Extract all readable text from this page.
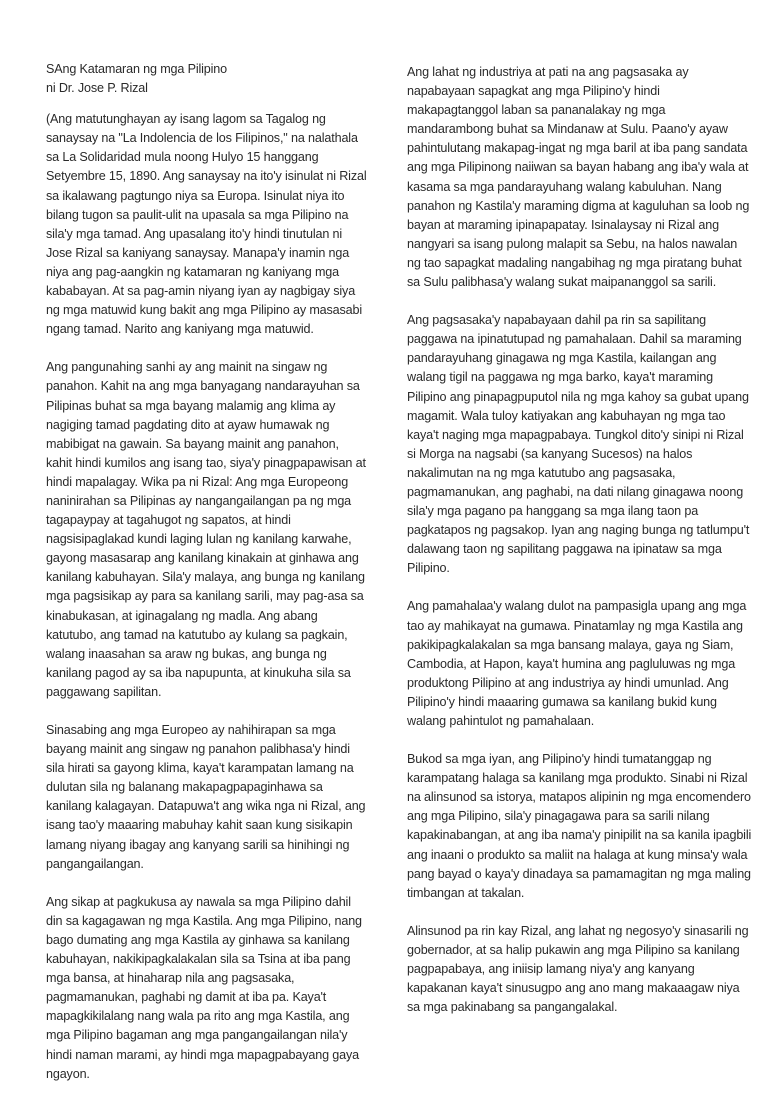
SAng Katamaran ng mga Pilipino
ni Dr. Jose P. Rizal

(Ang matutunghayan ay isang lagom sa Tagalog ng sanaysay na "La Indolencia de los Filipinos," na nalathala sa La Solidaridad mula noong Hulyo 15 hanggang Setyembre 15, 1890. Ang sanaysay na ito'y isinulat ni Rizal sa ikalawang pagtungo niya sa Europa. Isinulat niya ito bilang tugon sa paulit-ulit na upasala sa mga Pilipino na sila'y mga tamad. Ang upasalang ito'y hindi tinutulan ni Jose Rizal sa kaniyang sanaysay. Manapa'y inamin nga niya ang pag-aangkin ng katamaran ng kaniyang mga kababayan. At sa pag-amin niyang iyan ay nagbigay siya ng mga matuwid kung bakit ang mga Pilipino ay masasabi ngang tamad. Narito ang kaniyang mga matuwid.

Ang pangunahing sanhi ay ang mainit na singaw ng panahon. Kahit na ang mga banyagang nandarayuhan sa Pilipinas buhat sa mga bayang malamig ang klima ay nagiging tamad pagdating dito at ayaw humawak ng mabibigat na gawain. Sa bayang mainit ang panahon, kahit hindi kumilos ang isang tao, siya'y pinagpapawisan at hindi mapalagay. Wika pa ni Rizal: Ang mga Europeong naninirahan sa Pilipinas ay nangangailangan pa ng mga tagapaypay at tagahugot ng sapatos, at hindi nagsisipaglakad kundi laging lulan ng kanilang karwahe, gayong masasarap ang kanilang kinakain at ginhawa ang kanilang kabuhayan. Sila'y malaya, ang bunga ng kanilang mga pagsisikap ay para sa kanilang sarili, may pag-asa sa kinabukasan, at iginagalang ng madla. Ang abang katutubo, ang tamad na katutubo ay kulang sa pagkain, walang inaasahan sa araw ng bukas, ang bunga ng kanilang pagod ay sa iba napupunta, at kinukuha sila sa paggawang sapilitan.

Sinasabing ang mga Europeo ay nahihirapan sa mga bayang mainit ang singaw ng panahon palibhasa'y hindi sila hirati sa gayong klima, kaya't karampatan lamang na dulutan sila ng balanang makapagpapaginhawa sa kanilang kalagayan. Datapuwa't ang wika nga ni Rizal, ang isang tao'y maaaring mabuhay kahit saan kung sisikapin lamang niyang ibagay ang kanyang sarili sa hinihingi ng pangangailangan.

Ang sikap at pagkukusa ay nawala sa mga Pilipino dahil din sa kagagawan ng mga Kastila. Ang mga Pilipino, nang bago dumating ang mga Kastila ay ginhawa sa kanilang kabuhayan, nakikipagkalakalan sila sa Tsina at iba pang mga bansa, at hinaharap nila ang pagsasaka, pagmamanukan, paghabi ng damit at iba pa. Kaya't mapagkikilalang nang wala pa rito ang mga Kastila, ang mga Pilipino bagaman ang mga pangangailangan nila'y hindi naman marami, ay hindi mga mapagpabayang gaya ngayon.

Ang lahat ng industriya at pati na ang pagsasaka ay napabayaan sapagkat ang mga Pilipino'y hindi makapagtanggol laban sa pananalakay ng mga mandarambong buhat sa Mindanaw at Sulu. Paano'y ayaw pahintulutang makapag-ingat ng mga baril at iba pang sandata ang mga Pilipinong naiiwan sa bayan habang ang iba'y wala at kasama sa mga pandarayuhang walang kabuluhan. Nang panahon ng Kastila'y maraming digma at kaguluhan sa loob ng bayan at maraming ipinapapatay. Isinalaysay ni Rizal ang nangyari sa isang pulong malapit sa Sebu, na halos nawalan ng tao sapagkat madaling nangabihag ng mga piratang buhat sa Sulu palibhasa'y walang sukat maipananggol sa sarili.

Ang pagsasaka'y napabayaan dahil pa rin sa sapilitang paggawa na ipinatutupad ng pamahalaan. Dahil sa maraming pandarayuhang ginagawa ng mga Kastila, kailangan ang walang tigil na paggawa ng mga barko, kaya't maraming Pilipino ang pinapagpuputol nila ng mga kahoy sa gubat upang magamit. Wala tuloy katiyakan ang kabuhayan ng mga tao kaya't naging mga mapagpabaya. Tungkol dito'y sinipi ni Rizal si Morga na nagsabi (sa kanyang Sucesos) na halos nakalimutan na ng mga katutubo ang pagsasaka, pagmamanukan, ang paghabi, na dati nilang ginagawa noong sila'y mga pagano pa hanggang sa mga ilang taon pa pagkatapos ng pagsakop. Iyan ang naging bunga ng tatlumpu't dalawang taon ng sapilitang paggawa na ipinataw sa mga Pilipino.

Ang pamahalaa'y walang dulot na pampasigla upang ang mga tao ay mahikayat na gumawa. Pinatamlay ng mga Kastila ang pakikipagkalakalan sa mga bansang malaya, gaya ng Siam, Cambodia, at Hapon, kaya't humina ang pagluluwas ng mga produktong Pilipino at ang industriya ay hindi umunlad. Ang Pilipino'y hindi maaaring gumawa sa kanilang bukid kung walang pahintulot ng pamahalaan.

Bukod sa mga iyan, ang Pilipino'y hindi tumatanggap ng karampatang halaga sa kanilang mga produkto. Sinabi ni Rizal na alinsunod sa istorya, matapos alipinin ng mga encomendero ang mga Pilipino, sila'y pinagagawa para sa sarili nilang kapakinabangan, at ang iba nama'y pinipilit na sa kanila ipagbili ang inaani o produkto sa maliit na halaga at kung minsa'y wala pang bayad o kaya'y dinadaya sa pamamagitan ng mga maling timbangan at takalan.

Alinsunod pa rin kay Rizal, ang lahat ng negosyo'y sinasarili ng gobernador, at sa halip pukawin ang mga Pilipino sa kanilang pagpapabaya, ang iniisip lamang niya'y ang kanyang kapakanan kaya't sinusugpo ang ano mang makaaagaw niya sa mga pakinabang sa pangangalakal.
